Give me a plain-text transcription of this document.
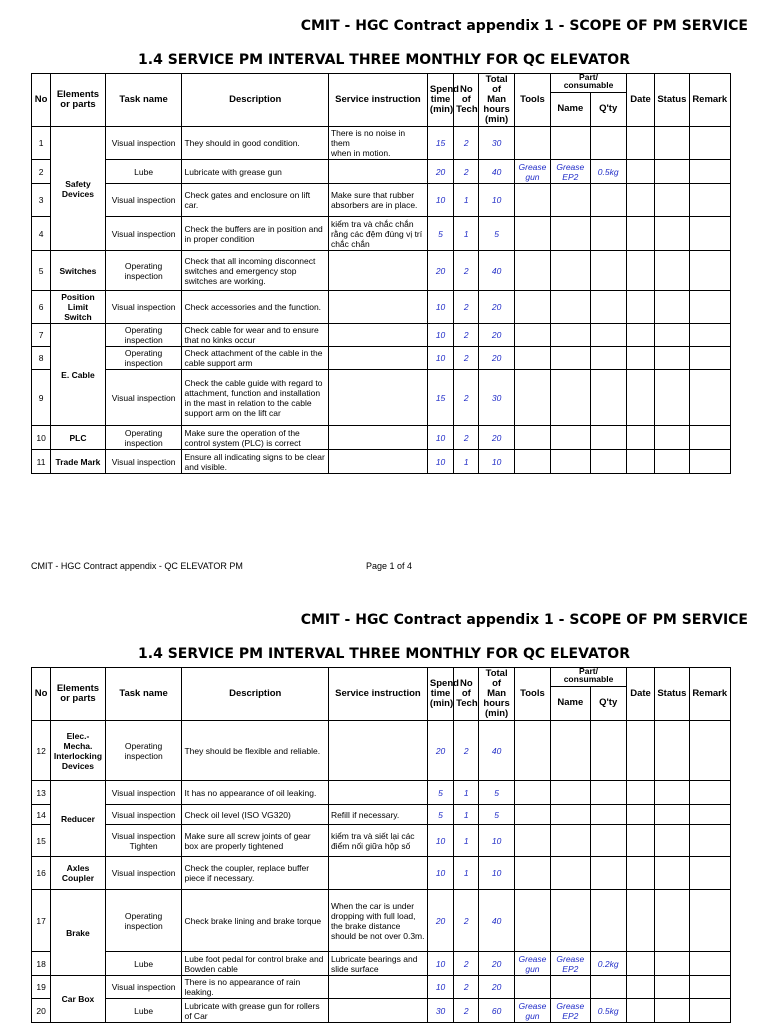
CMIT - HGC Contract appendix 1 - SCOPE OF PM SERVICE
1.4 SERVICE PM INTERVAL THREE MONTHLY FOR QC ELEVATOR
No	Elements or parts	Task name	Description	Service instruction	Spend time (min)	No of Tech	Total of Man hours (min)	Tools	Part/ consumable		Date	Status	Remark
									Name	Q'ty			
1	Safety Devices	Visual inspection	They should in good condition.	There is no noise in them
when in motion.	15	2	30						
2		Lube	Lubricate with grease gun		20	2	40	Grease gun	Grease EP2	0.5kg			
3		Visual inspection	Check gates and enclosure on lift car.	Make sure that rubber absorbers are in place.	10	1	10						
4		Visual inspection	Check the buffers are in position and in proper condition	kiểm tra và chắc chắn rằng các đệm đúng vị trí chắc chắn	5	1	5						
5	Switches	Operating inspection	Check that all incoming disconnect switches and emergency stop switches are working.		20	2	40						
6	Position Limit Switch	Visual inspection	Check accessories and the function.		10	2	20						
7	E. Cable	Operating inspection	Check cable for wear and to ensure that no kinks occur		10	2	20						
8		Operating inspection	Check attachment of the cable in the cable support arm		10	2	20						
9		Visual inspection	Check the cable guide with regard to attachment, function and installation in the mast in relation to the cable support arm on the lift car		15	2	30						
10	PLC	Operating inspection	Make sure the operation of the control system (PLC) is correct		10	2	20						
11	Trade Mark	Visual inspection	Ensure all indicating signs to be clear and visible.		10	1	10						
CMIT - HGC Contract appendix - QC ELEVATOR PM	Page 1 of 4
CMIT - HGC Contract appendix 1 - SCOPE OF PM SERVICE
1.4 SERVICE PM INTERVAL THREE MONTHLY FOR QC ELEVATOR
No	Elements or parts	Task name	Description	Service instruction	Spend time (min)	No of Tech	Total of Man hours (min)	Tools	Part/ consumable		Date	Status	Remark
									Name	Q'ty			
12	Elec.-Mecha. Interlocking Devices	Operating inspection	They should be flexible and reliable.		20	2	40						
13	Reducer	Visual inspection	It has no appearance of oil leaking.		5	1	5						
14		Visual inspection	Check oil level (ISO VG320)	Refill if necessary.	5	1	5						
15		Visual inspection Tighten	Make sure all screw joints of gear box are properly tightened	kiểm tra và siết lại các điểm nối giữa hộp số	10	1	10						
16	Axles Coupler	Visual inspection	Check the coupler, replace buffer piece if necessary.		10	1	10						
17	Brake	Operating inspection	Check brake lining and brake torque	When the car is under dropping with full load, the brake distance should be not over 0.3m.	20	2	40						
18		Lube	Lube foot pedal for control brake and Bowden cable	Lubricate bearings and slide surface	10	2	20	Grease gun	Grease EP2	0.2kg			
19	Car Box	Visual inspection	There is no appearance of rain leaking.		10	2	20						
20		Lube	Lubricate with grease gun for rollers of Car		30	2	60	Grease gun	Grease EP2	0.5kg			
